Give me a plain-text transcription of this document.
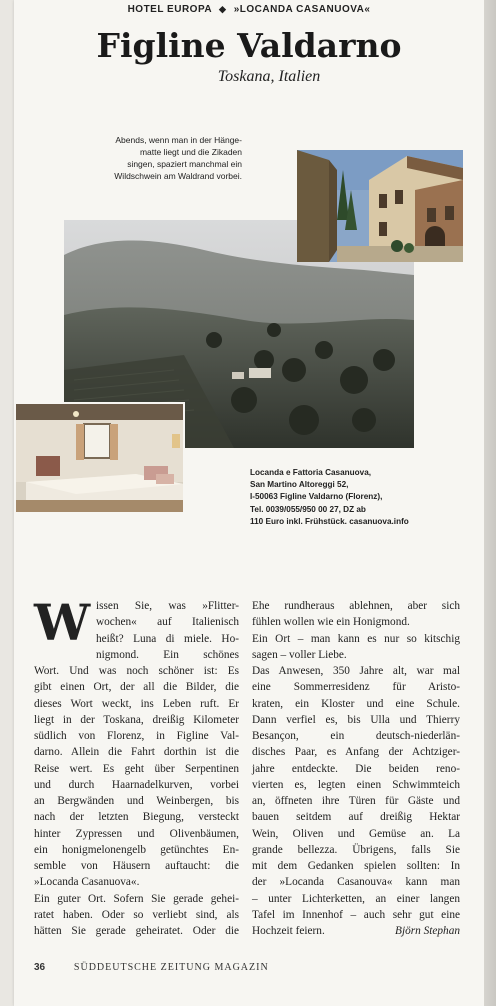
HOTEL EUROPA ◆ »LOCANDA CASANUOVA«
Figline Valdarno
Toskana, Italien
Abends, wenn man in der Hänge-
matte liegt und die Zikaden
singen, spaziert manchmal ein
Wildschwein am Waldrand vorbei.
Locanda e Fattoria Casanuova,
San Martino Altoreggi 52,
I-50063 Figline Valdarno (Florenz),
Tel. 0039/055/950 00 27, DZ ab
110 Euro inkl. Frühstück. casanuova.info
W issen Sie, was »Flitter-
wochen« auf Italienisch
heißt? Luna di miele. Ho-
nigmond. Ein schönes
Wort. Und was noch schöner ist: Es
gibt einen Ort, der all die Bilder, die
dieses Wort weckt, ins Leben ruft. Er
liegt in der Toskana, dreißig Kilometer
südlich von Florenz, in Figline Val-
darno. Allein die Fahrt dorthin ist die
Reise wert. Es geht über Serpentinen
und durch Haarnadelkurven, vorbei
an Bergwänden und Weinbergen, bis
nach der letzten Biegung, versteckt
hinter Zypressen und Olivenbäumen,
ein honigmelonengelb getünchtes En-
semble von Häusern auftaucht: die
»Locanda Casanuova«.
Ein guter Ort. Sofern Sie gerade gehei-
ratet haben. Oder so verliebt sind, als
hätten Sie gerade geheiratet. Oder die
Ehe rundheraus ablehnen, aber sich
fühlen wollen wie ein Honigmond.
Ein Ort – man kann es nur so kitschig
sagen – voller Liebe.
Das Anwesen, 350 Jahre alt, war mal
eine Sommerresidenz für Aristo-
kraten, ein Kloster und eine Schule.
Dann verfiel es, bis Ulla und Thierry
Besançon, ein deutsch-niederlän-
disches Paar, es Anfang der Achtziger-
jahre entdeckte. Die beiden reno-
vierten es, legten einen Schwimmteich
an, öffneten ihre Türen für Gäste und
bauen seitdem auf dreißig Hektar
Wein, Oliven und Gemüse an. La
grande bellezza. Übrigens, falls Sie
mit dem Gedanken spielen sollten: In
der »Locanda Casanouva« kann man
– unter Lichterketten, an einer langen
Tafel im Innenhof – auch sehr gut eine
Hochzeit feiern.	Björn Stephan
36	SÜDDEUTSCHE ZEITUNG MAGAZIN
